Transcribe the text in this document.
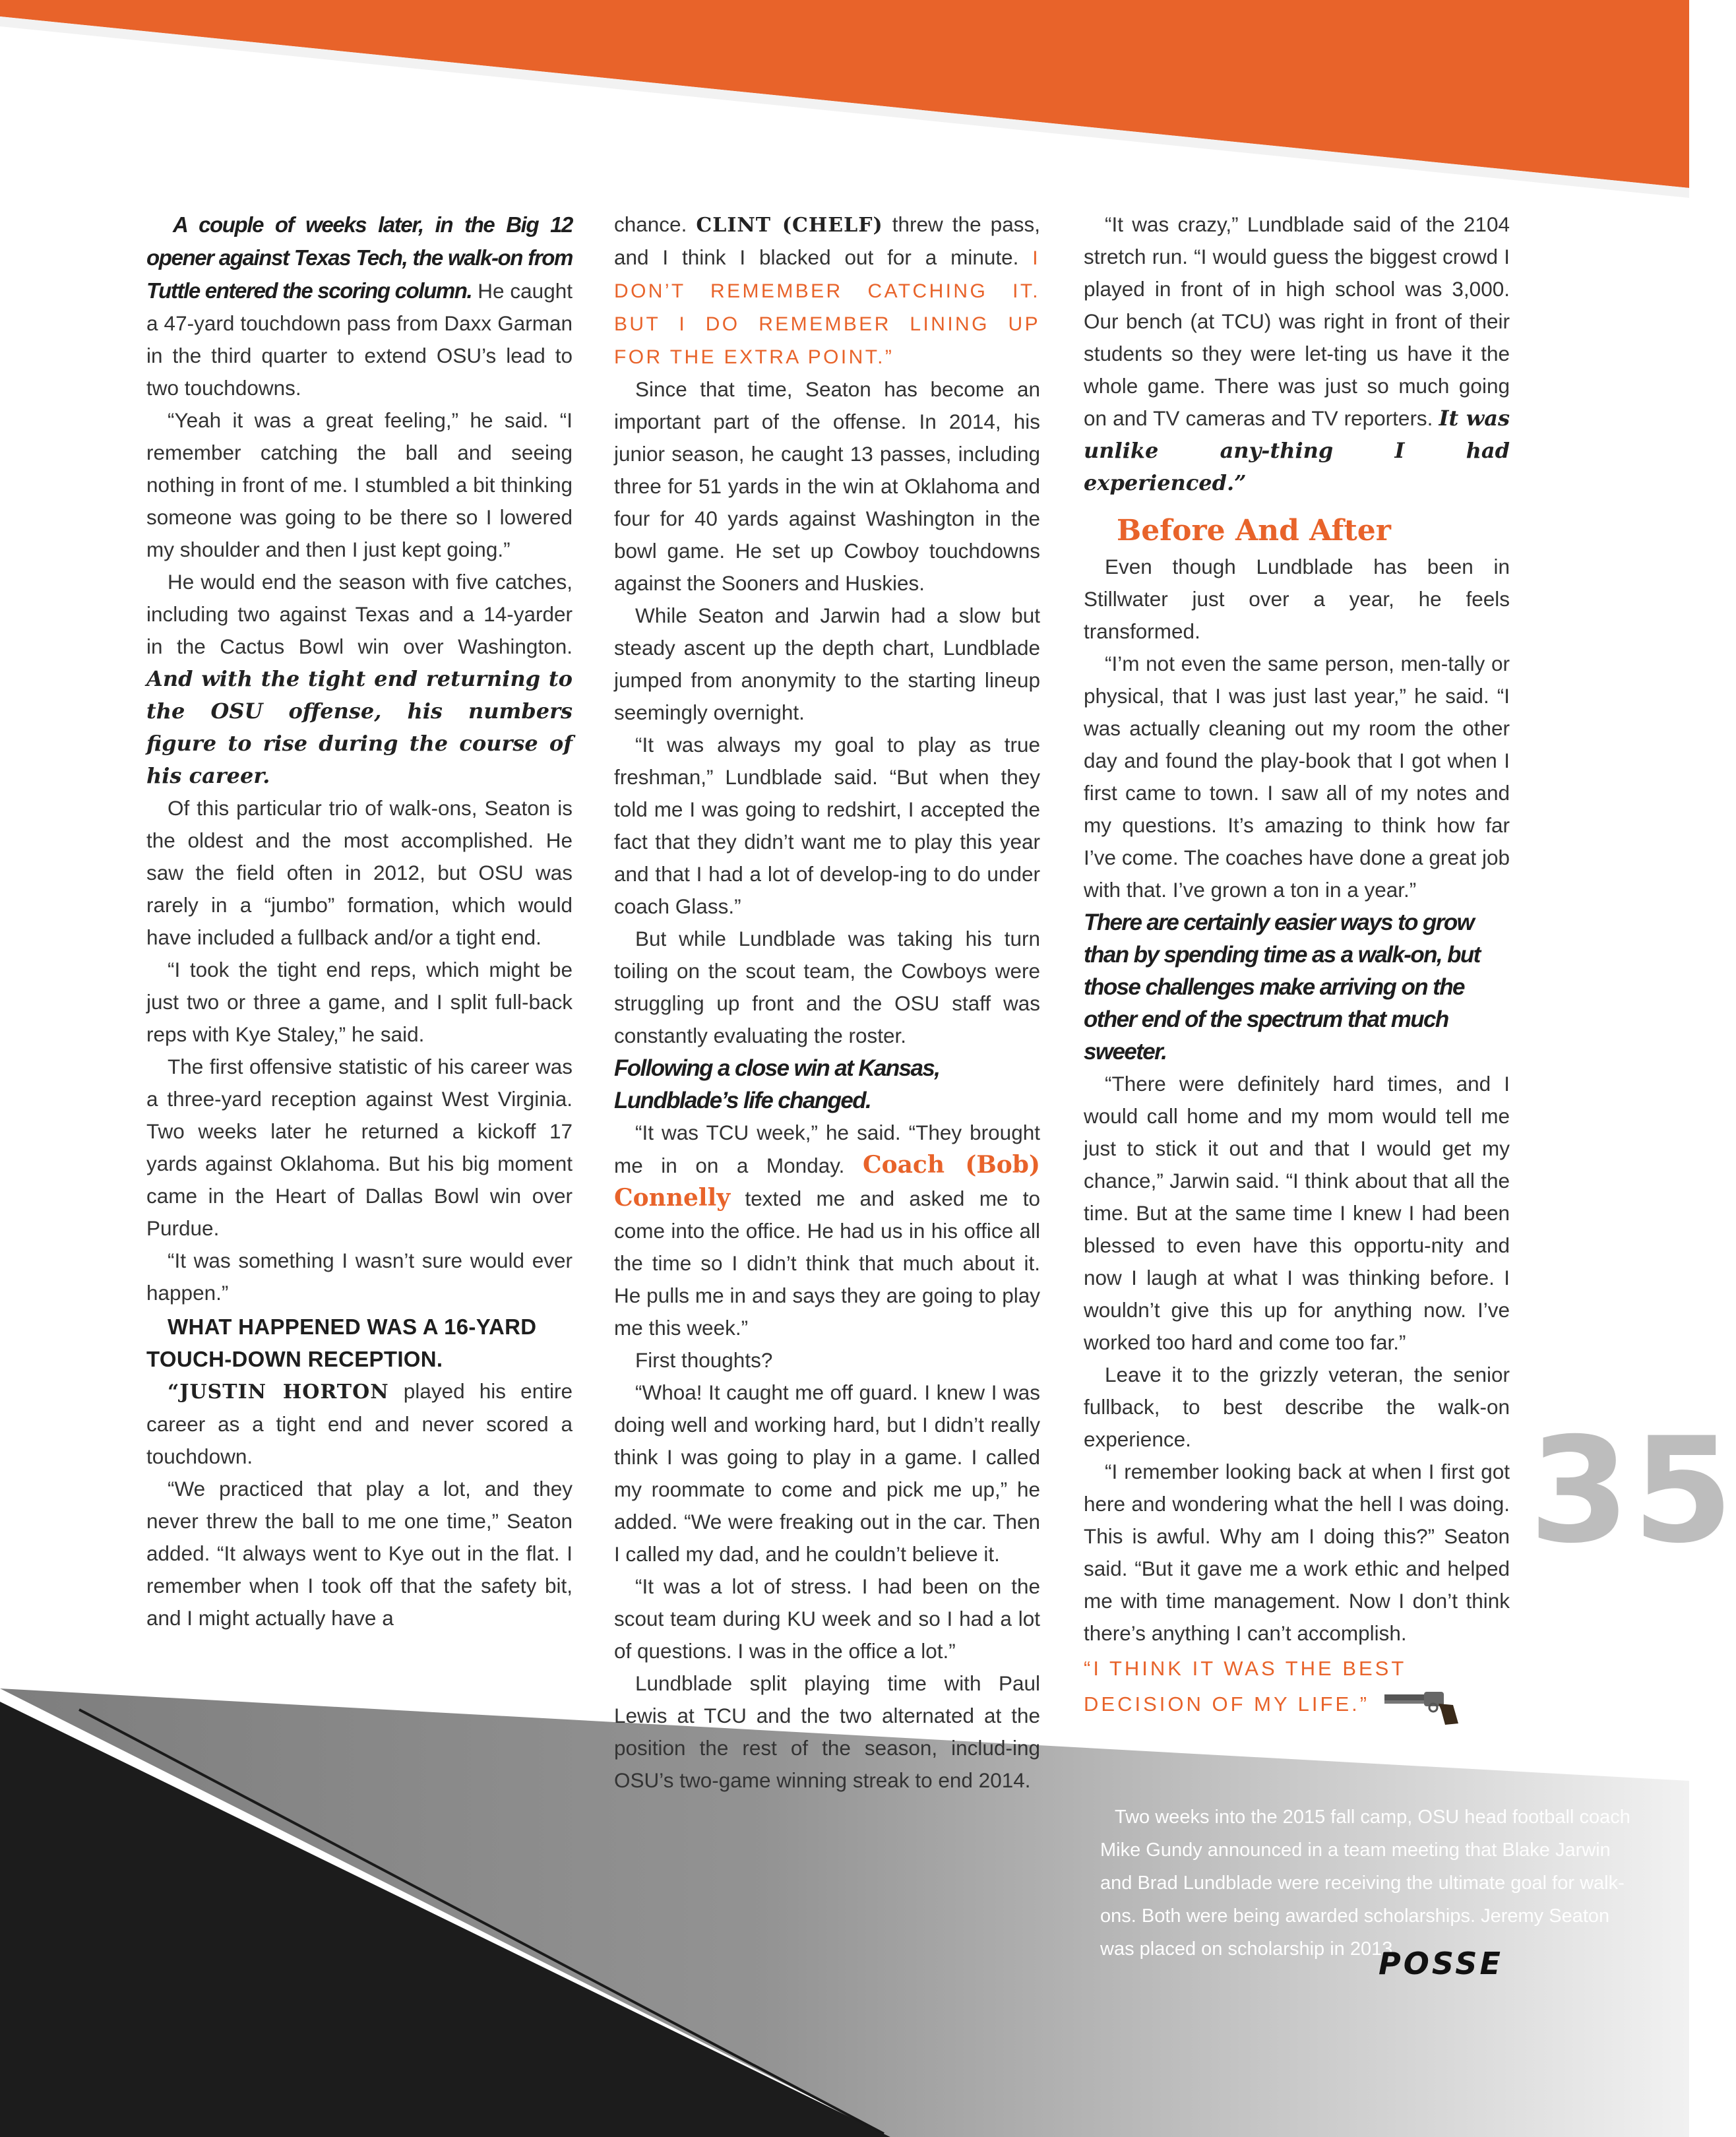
A couple of weeks later, in the Big 12 opener against Texas Tech, the walk-on from Tuttle entered the scoring column. He caught a 47-yard touchdown pass from Daxx Garman in the third quarter to extend OSU’s lead to two touchdowns.

“Yeah it was a great feeling,” he said. “I remember catching the ball and seeing nothing in front of me. I stumbled a bit thinking someone was going to be there so I lowered my shoulder and then I just kept going.”

He would end the season with five catches, including two against Texas and a 14-yarder in the Cactus Bowl win over Washington. And with the tight end returning to the OSU offense, his numbers figure to rise during the course of his career.

Of this particular trio of walk-ons, Seaton is the oldest and the most accomplished. He saw the field often in 2012, but OSU was rarely in a “jumbo” formation, which would have included a fullback and/or a tight end.

“I took the tight end reps, which might be just two or three a game, and I split full-back reps with Kye Staley,” he said.

The first offensive statistic of his career was a three-yard reception against West Virginia. Two weeks later he returned a kickoff 17 yards against Oklahoma. But his big moment came in the Heart of Dallas Bowl win over Purdue.

“It was something I wasn’t sure would ever happen.”

WHAT HAPPENED WAS A 16-YARD TOUCH-DOWN RECEPTION.

“JUSTIN HORTON played his entire career as a tight end and never scored a touchdown.

“We practiced that play a lot, and they never threw the ball to me one time,” Seaton added. “It always went to Kye out in the flat. I remember when I took off that the safety bit, and I might actually have a

chance. CLINT (CHELF) threw the pass, and I think I blacked out for a minute. I DON’T REMEMBER CATCHING IT. BUT I DO REMEMBER LINING UP FOR THE EXTRA POINT.”

Since that time, Seaton has become an important part of the offense. In 2014, his junior season, he caught 13 passes, including three for 51 yards in the win at Oklahoma and four for 40 yards against Washington in the bowl game. He set up Cowboy touchdowns against the Sooners and Huskies.

While Seaton and Jarwin had a slow but steady ascent up the depth chart, Lundblade jumped from anonymity to the starting lineup seemingly overnight.

“It was always my goal to play as true freshman,” Lundblade said. “But when they told me I was going to redshirt, I accepted the fact that they didn’t want me to play this year and that I had a lot of develop-ing to do under coach Glass.”

But while Lundblade was taking his turn toiling on the scout team, the Cowboys were struggling up front and the OSU staff was constantly evaluating the roster.

Following a close win at Kansas, Lundblade’s life changed.

“It was TCU week,” he said. “They brought me in on a Monday. Coach (Bob) Connelly texted me and asked me to come into the office. He had us in his office all the time so I didn’t think that much about it. He pulls me in and says they are going to play me this week.”

First thoughts?

“Whoa! It caught me off guard. I knew I was doing well and working hard, but I didn’t really think I was going to play in a game. I called my roommate to come and pick me up,” he added. “We were freaking out in the car. Then I called my dad, and he couldn’t believe it.

“It was a lot of stress. I had been on the scout team during KU week and so I had a lot of questions. I was in the office a lot.”

Lundblade split playing time with Paul Lewis at TCU and the two alternated at the position the rest of the season, includ-ing OSU’s two-game winning streak to end 2014.

“It was crazy,” Lundblade said of the 2104 stretch run. “I would guess the biggest crowd I played in front of in high school was 3,000. Our bench (at TCU) was right in front of their students so they were let-ting us have it the whole game. There was just so much going on and TV cameras and TV reporters. It was unlike any-thing I had experienced.”

Before And After

Even though Lundblade has been in Stillwater just over a year, he feels transformed.

“I’m not even the same person, men-tally or physical, that I was just last year,” he said. “I was actually cleaning out my room the other day and found the play-book that I got when I first came to town. I saw all of my notes and my questions. It’s amazing to think how far I’ve come. The coaches have done a great job with that. I’ve grown a ton in a year.”

There are certainly easier ways to grow than by spending time as a walk-on, but those challenges make arriving on the other end of the spectrum that much sweeter.

“There were definitely hard times, and I would call home and my mom would tell me just to stick it out and that I would get my chance,” Jarwin said. “I think about that all the time. But at the same time I knew I had been blessed to even have this opportu-nity and now I laugh at what I was thinking before. I wouldn’t give this up for anything now. I’ve worked too hard and come too far.”

Leave it to the grizzly veteran, the senior fullback, to best describe the walk-on experience.

“I remember looking back at when I first got here and wondering what the hell I was doing. This is awful. Why am I doing this?” Seaton said. “But it gave me a work ethic and helped me with time management. Now I don’t think there’s anything I can’t accomplish.

“I THINK IT WAS THE BEST DECISION OF MY LIFE.”

Two weeks into the 2015 fall camp, OSU head football coach Mike Gundy announced in a team meeting that Blake Jarwin and Brad Lundblade were receiving the ultimate goal for walk-ons. Both were being awarded scholarships. Jeremy Seaton was placed on scholarship in 2013.

35
POSSE
